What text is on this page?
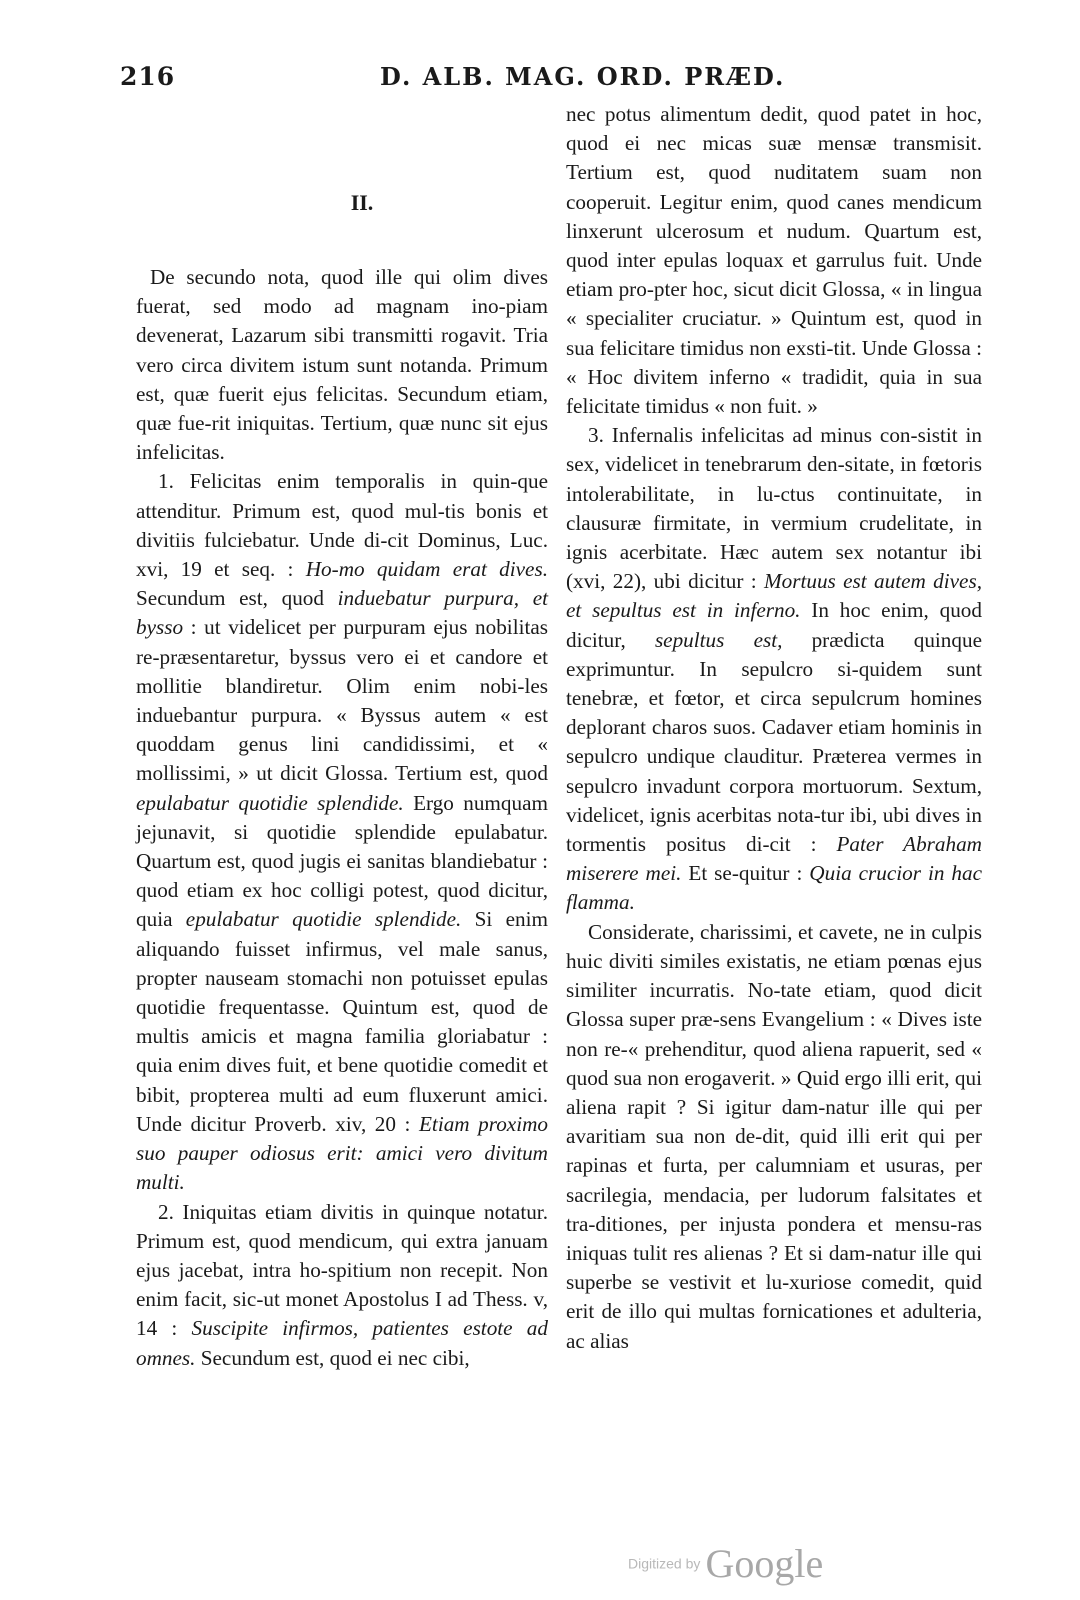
216	D. ALB. MAG. ORD. PRÆD.
II.

De secundo nota, quod ille qui olim dives fuerat, sed modo ad magnam ino-piam devenerat, Lazarum sibi transmitti rogavit. Tria vero circa divitem istum sunt notanda. Primum est, quæ fuerit ejus felicitas. Secundum etiam, quæ fue-rit iniquitas. Tertium, quæ nunc sit ejus infelicitas.

1. Felicitas enim temporalis in quin-que attenditur. Primum est, quod mul-tis bonis et divitiis fulciebatur. Unde di-cit Dominus, Luc. xvi, 19 et seq. : Ho-mo quidam erat dives. Secundum est, quod induebatur purpura, et bysso : ut videlicet per purpuram ejus nobilitas re-præsentaretur, byssus vero ei et candore et mollitie blandiretur. Olim enim nobi-les induebantur purpura. « Byssus autem « est quoddam genus lini candidissimi, et « mollissimi, » ut dicit Glossa. Tertium est, quod epulabatur quotidie splendide. Ergo numquam jejunavit, si quotidie splendide epulabatur. Quartum est, quod jugis ei sanitas blandiebatur : quod etiam ex hoc colligi potest, quod dicitur, quia epulabatur quotidie splendide. Si enim aliquando fuisset infirmus, vel male sanus, propter nauseam stomachi non potuisset epulas quotidie frequentasse. Quintum est, quod de multis amicis et magna familia gloriabatur : quia enim dives fuit, et bene quotidie comedit et bibit, propterea multi ad eum fluxerunt amici. Unde dicitur Proverb. xiv, 20 : Etiam proximo suo pauper odiosus erit: amici vero divitum multi.

2. Iniquitas etiam divitis in quinque notatur. Primum est, quod mendicum, qui extra januam ejus jacebat, intra ho-spitium non recepit. Non enim facit, sic-ut monet Apostolus I ad Thess. v, 14 : Suscipite infirmos, patientes estote ad omnes. Secundum est, quod ei nec cibi,

nec potus alimentum dedit, quod patet in hoc, quod ei nec micas suæ mensæ transmisit. Tertium est, quod nuditatem suam non cooperuit. Legitur enim, quod canes mendicum linxerunt ulcerosum et nudum. Quartum est, quod inter epulas loquax et garrulus fuit. Unde etiam pro-pter hoc, sicut dicit Glossa, « in lingua « specialiter cruciatur. » Quintum est, quod in sua felicitare timidus non exsti-tit. Unde Glossa : « Hoc divitem inferno « tradidit, quia in sua felicitate timidus « non fuit. »

3. Infernalis infelicitas ad minus con-sistit in sex, videlicet in tenebrarum den-sitate, in fœtoris intolerabilitate, in lu-ctus continuitate, in clausuræ firmitate, in vermium crudelitate, in ignis acerbitate. Hæc autem sex notantur ibi (xvi, 22), ubi dicitur : Mortuus est autem dives, et sepultus est in inferno. In hoc enim, quod dicitur, sepultus est, prædicta quinque exprimuntur. In sepulcro si-quidem sunt tenebræ, et fœtor, et circa sepulcrum homines deplorant charos suos. Cadaver etiam hominis in sepulcro undique clauditur. Præterea vermes in sepulcro invadunt corpora mortuorum. Sextum, videlicet, ignis acerbitas nota-tur ibi, ubi dives in tormentis positus di-cit : Pater Abraham miserere mei. Et se-quitur : Quia crucior in hac flamma.

Considerate, charissimi, et cavete, ne in culpis huic diviti similes existatis, ne etiam pœnas ejus similiter incurratis. No-tate etiam, quod dicit Glossa super præ-sens Evangelium : « Dives iste non re-« prehenditur, quod aliena rapuerit, sed « quod sua non erogaverit. » Quid ergo illi erit, qui aliena rapit ? Si igitur dam-natur ille qui per avaritiam sua non de-dit, quid illi erit qui per rapinas et furta, per calumniam et usuras, per sacrilegia, mendacia, per ludorum falsitates et tra-ditiones, per injusta pondera et mensu-ras iniquas tulit res alienas ? Et si dam-natur ille qui superbe se vestivit et lu-xuriose comedit, quid erit de illo qui multas fornicationes et adulteria, ac alias

Digitized by Google
